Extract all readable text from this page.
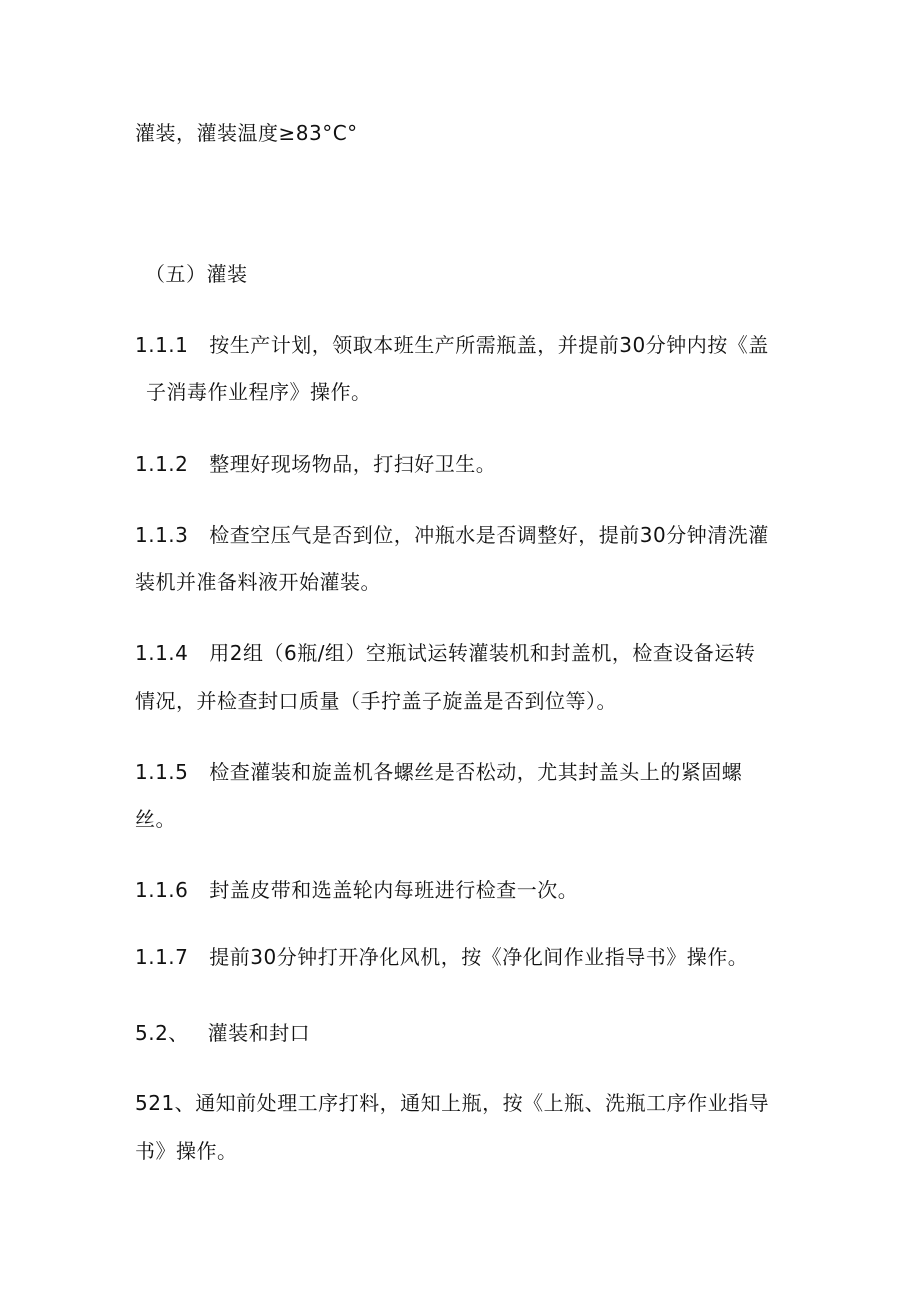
灌装，灌装温度≥83°C°
（五）灌装
1.1.1 按生产计划，领取本班生产所需瓶盖，并提前30分钟内按《盖
子消毒作业程序》操作。
1.1.2 整理好现场物品，打扫好卫生。
1.1.3 检查空压气是否到位，冲瓶水是否调整好，提前30分钟清洗灌
装机并准备料液开始灌装。
1.1.4 用2组（6瓶/组）空瓶试运转灌装机和封盖机，检查设备运转
情况，并检查封口质量（手拧盖子旋盖是否到位等）。
1.1.5 检查灌装和旋盖机各螺丝是否松动，尤其封盖头上的紧固螺
丝。
1.1.6 封盖皮带和选盖轮内每班进行检查一次。
1.1.7 提前30分钟打开净化风机，按《净化间作业指导书》操作。
5.2、 灌装和封口
521、通知前处理工序打料，通知上瓶，按《上瓶、洗瓶工序作业指导
书》操作。
